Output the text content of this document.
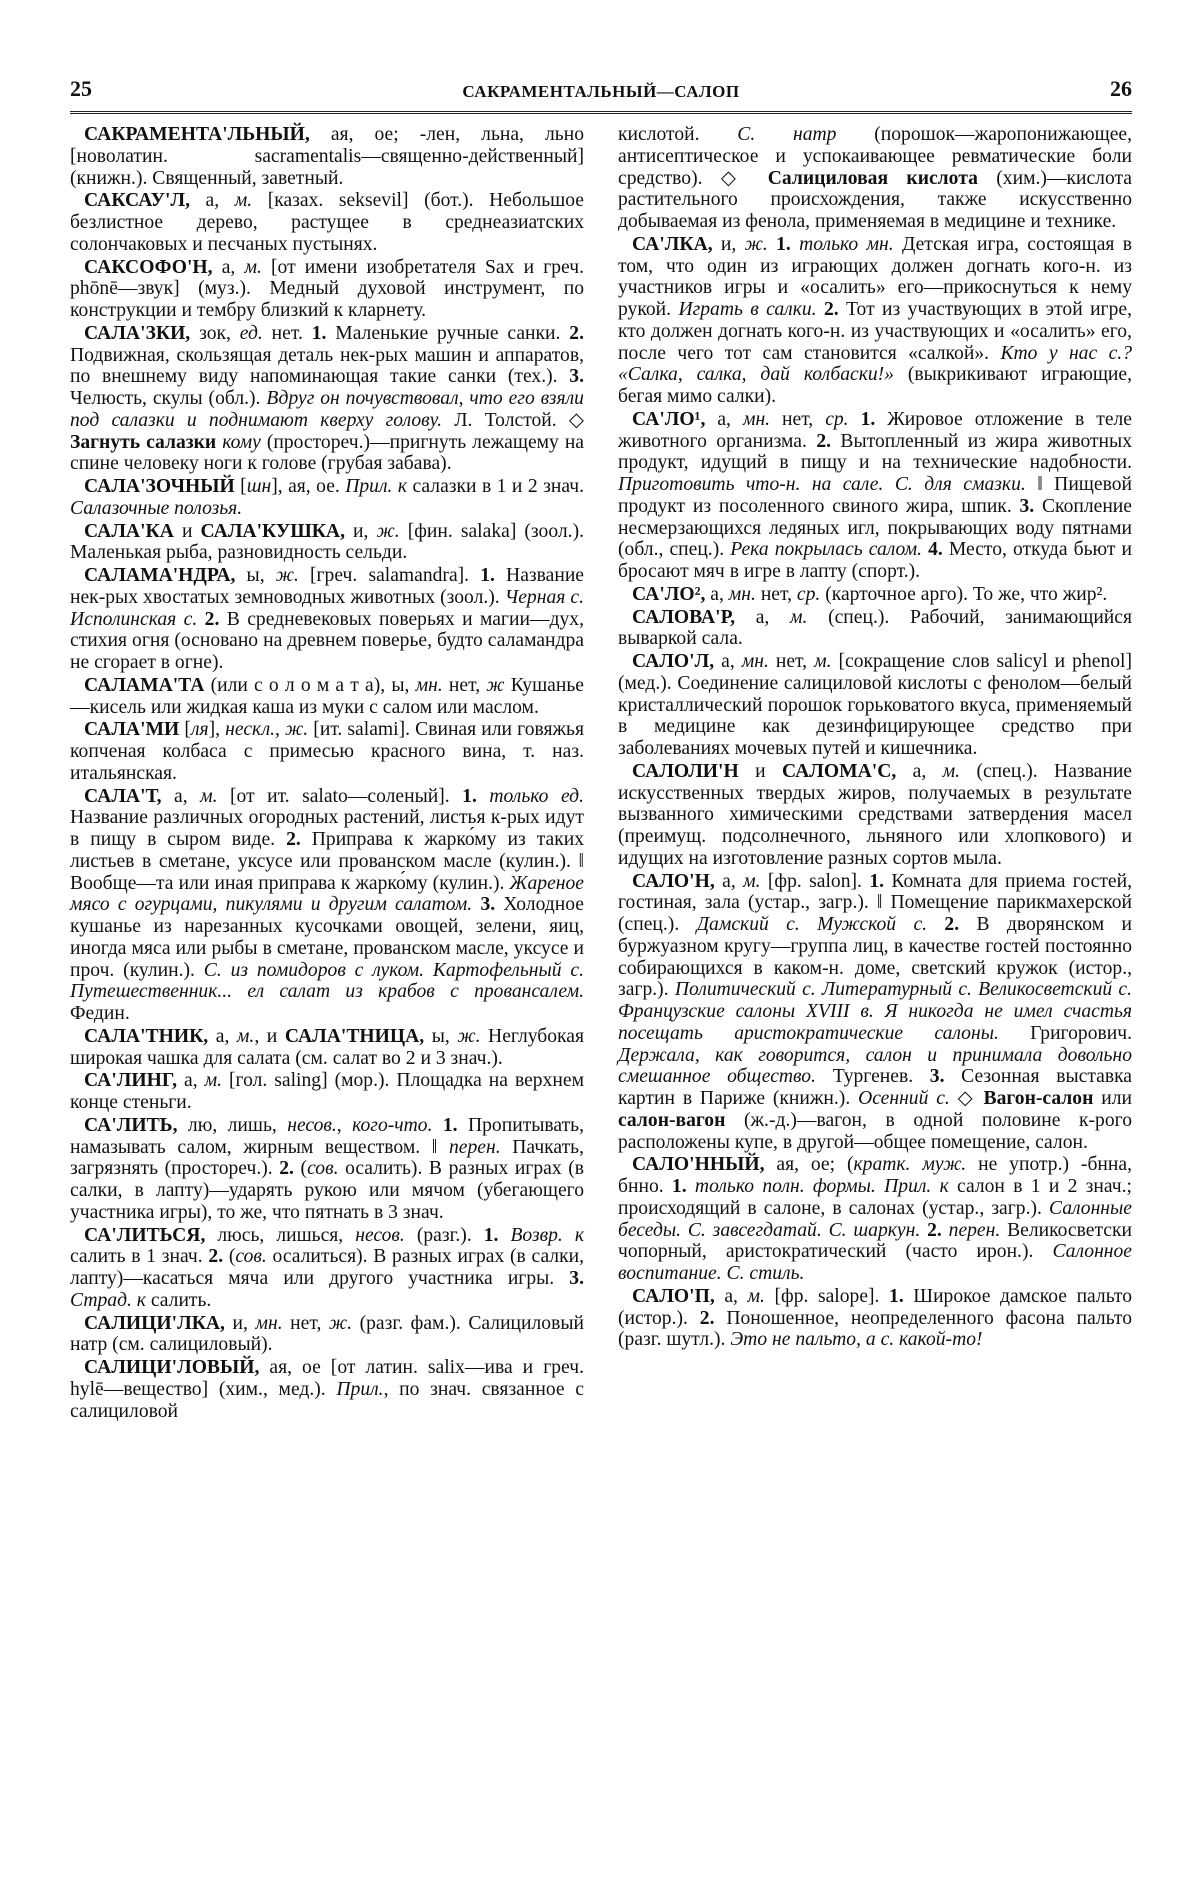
25	САКРАМЕНТАЛЬНЫЙ—САЛОП	26

САКРАМЕНТА'ЛЬНЫЙ, ая, ое; -лен, льна, льно [новолатин. sacramentalis—священно-действенный] (книжн.). Священный, заветный.

САКСАУ'Л, а, м. [казах. seksevil] (бот.). Небольшое безлистное дерево, растущее в среднеазиатских солончаковых и песчаных пустынях.

САКСОФО'Н, а, м. [от имени изобретателя Sax и греч. phōnē—звук] (муз.). Медный духовой инструмент, по конструкции и тембру близкий к кларнету.

САЛА'ЗКИ, зок, ед. нет. 1. Маленькие ручные санки. 2. Подвижная, скользящая деталь нек-рых машин и аппаратов, по внешнему виду напоминающая такие санки (тех.). 3. Челюсть, скулы (обл.). Вдруг он почувствовал, что его взяли под салазки и поднимают кверху голову. Л. Толстой. ◇ Загнуть салазки кому (простореч.)—пригнуть лежащему на спине человеку ноги к голове (грубая забава).

САЛА'ЗОЧНЫЙ [шн], ая, ое. Прил. к салазки в 1 и 2 знач. Салазочные полозья.

САЛА'КА и САЛА'КУШКА, и, ж. [фин. salaka] (зоол.). Маленькая рыба, разновидность сельди.

САЛАМА'НДРА, ы, ж. [греч. salamandra]. 1. Название нек-рых хвостатых земноводных животных (зоол.). Черная с. Исполинская с. 2. В средневековых поверьях и магии—дух, стихия огня (основано на древнем поверье, будто саламандра не сгорает в огне).

САЛАМА'ТА (или с о л о м а т а), ы, мн. нет, ж Кушанье—кисель или жидкая каша из муки с салом или маслом.

САЛА'МИ [ля], нескл., ж. [ит. salami]. Свиная или говяжья копченая колбаса с примесью красного вина, т. наз. итальянская.

САЛА'Т, а, м. [от ит. salato—соленый]. 1. только ед. Название различных огородных растений, листья к-рых идут в пищу в сыром виде. 2. Приправа к жарко́му из таких листьев в сметане, уксусе или прованском масле (кулин.). ‖ Вообще—та или иная приправа к жарко́му (кулин.). Жареное мясо с огурцами, пикулями и другим салатом. 3. Холодное кушанье из нарезанных кусочками овощей, зелени, яиц, иногда мяса или рыбы в сметане, прованском масле, уксусе и проч. (кулин.). С. из помидоров с луком. Картофельный с. Путешественник... ел салат из крабов с провансалем. Федин.

САЛА'ТНИК, а, м., и САЛА'ТНИЦА, ы, ж. Неглубокая широкая чашка для салата (см. салат во 2 и 3 знач.).

СА'ЛИНГ, а, м. [гол. saling] (мор.). Площадка на верхнем конце стеньги.

СА'ЛИТЬ, лю, лишь, несов., кого-что. 1. Пропитывать, намазывать салом, жирным веществом. ‖ перен. Пачкать, загрязнять (простореч.). 2. (сов. осалить). В разных играх (в салки, в лапту)—ударять рукою или мячом (убегающего участника игры), то же, что пятнать в 3 знач.

СА'ЛИТЬСЯ, люсь, лишься, несов. (разг.). 1. Возвр. к салить в 1 знач. 2. (сов. осалиться). В разных играх (в салки, лапту)—касаться мяча или другого участника игры. 3. Страд. к салить.

САЛИЦИ'ЛКА, и, мн. нет, ж. (разг. фам.). Салициловый натр (см. салициловый).

САЛИЦИ'ЛОВЫЙ, ая, ое [от латин. salix—ива и греч. hylē—вещество] (хим., мед.). Прил., по знач. связанное с салициловой

кислотой. С. натр (порошок—жаропонижающее, антисептическое и успокаивающее ревматические боли средство). ◇ Салициловая кислота (хим.)—кислота растительного происхождения, также искусственно добываемая из фенола, применяемая в медицине и технике.

СА'ЛКА, и, ж. 1. только мн. Детская игра, состоящая в том, что один из играющих должен догнать кого-н. из участников игры и «осалить» его—прикоснуться к нему рукой. Играть в салки. 2. Тот из участвующих в этой игре, кто должен догнать кого-н. из участвующих и «осалить» его, после чего тот сам становится «салкой». Кто у нас с.? «Салка, салка, дай колбаски!» (выкрикивают играющие, бегая мимо салки).

СА'ЛО¹, а, мн. нет, ср. 1. Жировое отложение в теле животного организма. 2. Вытопленный из жира животных продукт, идущий в пищу и на технические надобности. Приготовить что-н. на сале. С. для смазки. ‖ Пищевой продукт из посоленного свиного жира, шпик. 3. Скопление несмерзающихся ледяных игл, покрывающих воду пятнами (обл., спец.). Река покрылась салом. 4. Место, откуда бьют и бросают мяч в игре в лапту (спорт.).

СА'ЛО², а, мн. нет, ср. (карточное арго). То же, что жир².

САЛОВА'Р, а, м. (спец.). Рабочий, занимающийся вываркой сала.

САЛО'Л, а, мн. нет, м. [сокращение слов salicyl и phenol] (мед.). Соединение салициловой кислоты с фенолом—белый кристаллический порошок горьковатого вкуса, применяемый в медицине как дезинфицирующее средство при заболеваниях мочевых путей и кишечника.

САЛОЛИ'Н и САЛОМА'С, а, м. (спец.). Название искусственных твердых жиров, получаемых в результате вызванного химическими средствами затвердения масел (преимущ. подсолнечного, льняного или хлопкового) и идущих на изготовление разных сортов мыла.

САЛО'Н, а, м. [фр. salon]. 1. Комната для приема гостей, гостиная, зала (устар., загр.). ‖ Помещение парикмахерской (спец.). Дамский с. Мужской с. 2. В дворянском и буржуазном кругу—группа лиц, в качестве гостей постоянно собирающихся в каком-н. доме, светский кружок (истор., загр.). Политический с. Литературный с. Великосветский с. Французские салоны XVIII в. Я никогда не имел счастья посещать аристократические салоны. Григорович. Держала, как говорится, салон и принимала довольно смешанное общество. Тургенев. 3. Сезонная выставка картин в Париже (книжн.). Осенний с. ◇ Вагон-салон или салон-вагон (ж.-д.)—вагон, в одной половине к-рого расположены купе, в другой—общее помещение, салон.

САЛО'ННЫЙ, ая, ое; (кратк. муж. не употр.) -бнна, бнно. 1. только полн. формы. Прил. к салон в 1 и 2 знач.; происходящий в салоне, в салонах (устар., загр.). Салонные беседы. С. завсегдатай. С. шаркун. 2. перен. Великосветски чопорный, аристократический (часто ирон.). Салонное воспитание. С. стиль.

САЛО'П, а, м. [фр. salope]. 1. Широкое дамское пальто (истор.). 2. Поношенное, неопределенного фасона пальто (разг. шутл.). Это не пальто, а с. какой-то!
